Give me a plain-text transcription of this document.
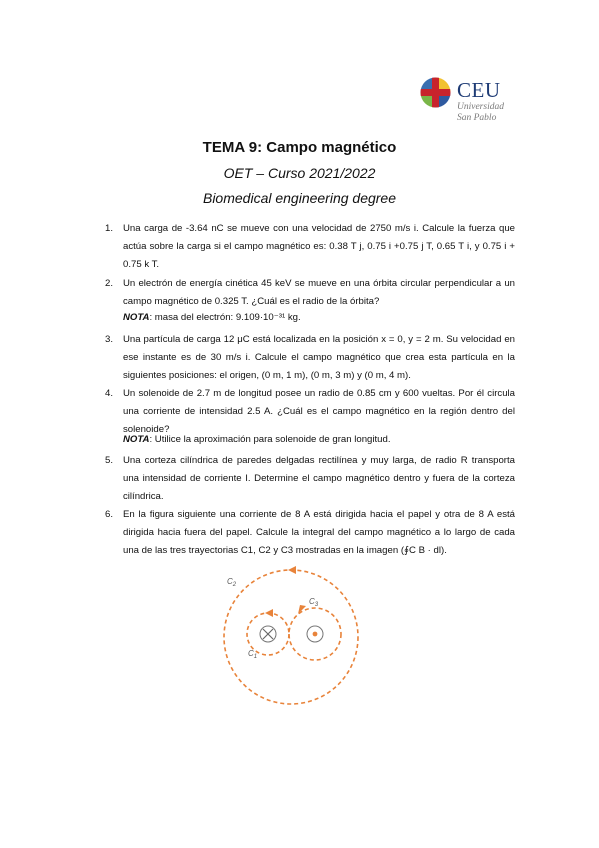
CEU
Universidad
San Pablo
TEMA 9: Campo magnético
OET – Curso 2021/2022
Biomedical engineering degree
1. Una carga de -3.64 nC se mueve con una velocidad de 2750 m/s i. Calcule la fuerza que actúa sobre la carga si el campo magnético es: 0.38 T j, 0.75 i +0.75 j T, 0.65 T i, y 0.75 i + 0.75 k T.
2. Un electrón de energía cinética 45 keV se mueve en una órbita circular perpendicular a un campo magnético de 0.325 T. ¿Cuál es el radio de la órbita?
NOTA: masa del electrón: 9.109·10⁻³¹ kg.
3. Una partícula de carga 12 μC está localizada en la posición x = 0, y = 2 m. Su velocidad en ese instante es de 30 m/s i. Calcule el campo magnético que crea esta partícula en la siguientes posiciones: el origen, (0 m, 1 m), (0 m, 3 m) y (0 m, 4 m).
4. Un solenoide de 2.7 m de longitud posee un radio de 0.85 cm y 600 vueltas. Por él circula una corriente de intensidad 2.5 A. ¿Cuál es el campo magnético en la región dentro del solenoide?
NOTA: Utilice la aproximación para solenoide de gran longitud.
5. Una corteza cilíndrica de paredes delgadas rectilínea y muy larga, de radio R transporta una intensidad de corriente I. Determine el campo magnético dentro y fuera de la corteza cilíndrica.
6. En la figura siguiente una corriente de 8 A está dirigida hacia el papel y otra de 8 A está dirigida hacia fuera del papel. Calcule la integral del campo magnético a lo largo de cada una de las tres trayectorias C1, C2 y C3 mostradas en la imagen (∮C B · dl).
$C_2$
$C_3$
$C_1$
